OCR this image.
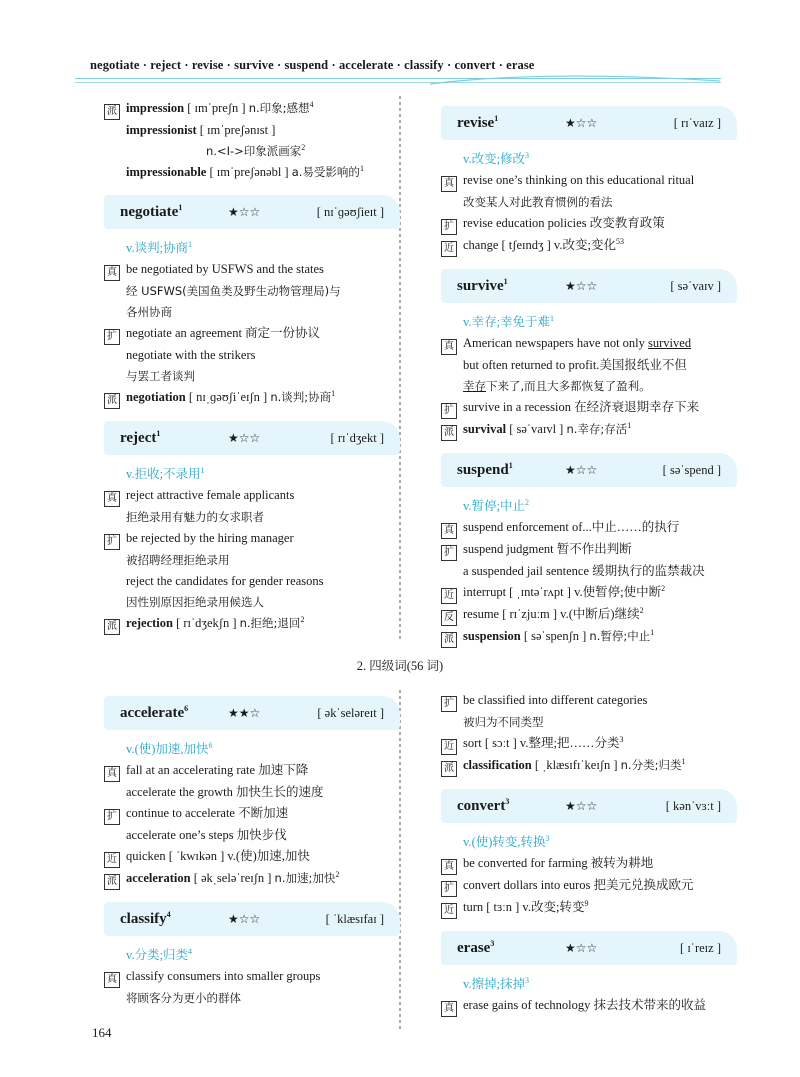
negotiate · reject · revise · survive · suspend · accelerate · classify · convert · erase
派 impression [ ɪmˈpreʃn ] n.印象;感想$^4$
impressionist [ ɪmˈpreʃənɪst ]
n.<I->印象派画家$^2$
impressionable [ ɪmˈpreʃənəbl ] a.易受影响的$^1$
negotiate$^1$	★☆☆	[ nɪˈɡəʊʃieɪt ]
v.谈判;协商$^1$
真 be negotiated by USFWS and the states
经 USFWS(美国鱼类及野生动物管理局)与
各州协商
扩 negotiate an agreement 商定一份协议
negotiate with the strikers
与罢工者谈判
派 negotiation [ nɪˌɡəʊʃiˈeɪʃn ] n.谈判;协商$^1$
reject$^1$	★☆☆	[ rɪˈdʒekt ]
v.拒收;不录用$^1$
真 reject attractive female applicants
拒绝录用有魅力的女求职者
扩 be rejected by the hiring manager
被招聘经理拒绝录用
reject the candidates for gender reasons
因性别原因拒绝录用候选人
派 rejection [ rɪˈdʒekʃn ] n.拒绝;退回$^2$
revise$^1$	★☆☆	[ rɪˈvaɪz ]
v.改变;修改$^3$
真 revise one’s thinking on this educational ritual
改变某人对此教育惯例的看法
扩 revise education policies 改变教育政策
近 change [ tʃeɪndʒ ] v.改变;变化$^{53}$
survive$^1$	★☆☆	[ səˈvaɪv ]
v.幸存;幸免于难$^1$
真 American newspapers have not only survived
but often returned to profit.美国报纸业不但
幸存下来了,而且大多都恢复了盈利。
扩 survive in a recession 在经济衰退期幸存下来
派 survival [ səˈvaɪvl ] n.幸存;存活$^1$
suspend$^1$	★☆☆	[ səˈspend ]
v.暂停;中止$^2$
真 suspend enforcement of...中止……的执行
扩 suspend judgment 暂不作出判断
a suspended jail sentence 缓期执行的监禁裁决
近 interrupt [ ˌɪntəˈrʌpt ] v.使暂停;使中断$^2$
反 resume [ rɪˈzjuːm ] v.(中断后)继续$^2$
派 suspension [ səˈspenʃn ] n.暂停;中止$^1$
2. 四级词(56 词)
accelerate$^6$	★★☆	[ əkˈseləreɪt ]
v.(使)加速,加快$^6$
真 fall at an accelerating rate 加速下降
accelerate the growth 加快生长的速度
扩 continue to accelerate 不断加速
accelerate one’s steps 加快步伐
近 quicken [ ˈkwɪkən ] v.(使)加速,加快
派 acceleration [ əkˌseləˈreɪʃn ] n.加速;加快$^2$
classify$^4$	★☆☆	[ ˈklæsɪfaɪ ]
v.分类;归类$^4$
真 classify consumers into smaller groups
将顾客分为更小的群体
扩 be classified into different categories
被归为不同类型
近 sort [ sɔːt ] v.整理;把……分类$^3$
派 classification [ ˌklæsɪfɪˈkeɪʃn ] n.分类;归类$^1$
convert$^3$	★☆☆	[ kənˈvɜːt ]
v.(使)转变,转换$^3$
真 be converted for farming 被转为耕地
扩 convert dollars into euros 把美元兑换成欧元
近 turn [ tɜːn ] v.改变;转变$^9$
erase$^3$	★☆☆	[ ɪˈreɪz ]
v.擦掉;抹掉$^3$
真 erase gains of technology 抹去技术带来的收益
164
